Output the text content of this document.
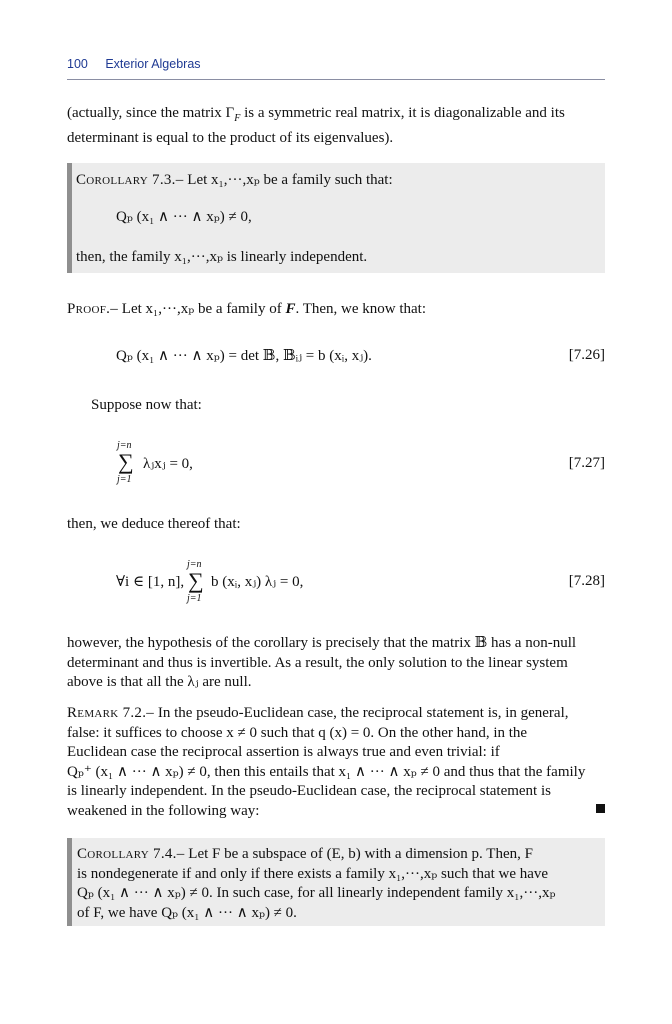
100 Exterior Algebras
(actually, since the matrix $\Gamma_F$ is a symmetric real matrix, it is diagonalizable and its
determinant is equal to the product of its eigenvalues).
Corollary 7.3.– Let x₁,···,xₚ be a family such that:
Qₚ (x₁ ∧ ··· ∧ xₚ) ≠ 0,
then, the family x₁,···,xₚ is linearly independent.
Proof.– Let x₁,···,xₚ be a family of F. Then, we know that:
Qₚ (x₁ ∧ ··· ∧ xₚ) = det 𝔹, 𝔹ᵢⱼ = b (xᵢ, xⱼ).	[7.26]
Suppose now that:
j=n
∑ λⱼxⱼ = 0,
j=1
[7.27]
then, we deduce thereof that:
∀i ∈ [1, n],
j=n
∑ b (xᵢ, xⱼ) λⱼ = 0,
j=1
[7.28]
however, the hypothesis of the corollary is precisely that the matrix 𝔹 has a non-null
determinant and thus is invertible. As a result, the only solution to the linear system
above is that all the λⱼ are null.
Remark 7.2.– In the pseudo-Euclidean case, the reciprocal statement is, in general,
false: it suffices to choose x ≠ 0 such that q (x) = 0. On the other hand, in the
Euclidean case the reciprocal assertion is always true and even trivial: if
Qₚ⁺ (x₁ ∧ ··· ∧ xₚ) ≠ 0, then this entails that x₁ ∧ ··· ∧ xₚ ≠ 0 and thus that the family
is linearly independent. In the pseudo-Euclidean case, the reciprocal statement is
weakened in the following way:
Corollary 7.4.– Let F be a subspace of (E, b) with a dimension p. Then, F
is nondegenerate if and only if there exists a family x₁,···,xₚ such that we have
Qₚ (x₁ ∧ ··· ∧ xₚ) ≠ 0. In such case, for all linearly independent family x₁,···,xₚ
of F, we have Qₚ (x₁ ∧ ··· ∧ xₚ) ≠ 0.
